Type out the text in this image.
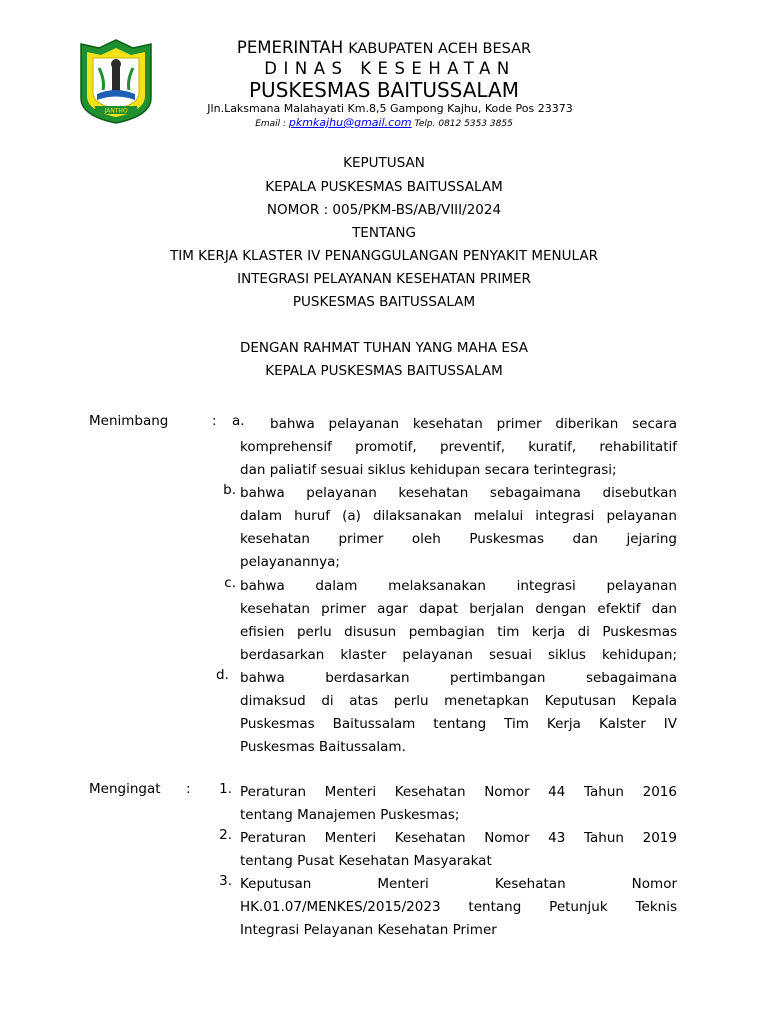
JANTHO
PEMERINTAH KABUPATEN ACEH BESAR
DINAS KESEHATAN
PUSKESMAS BAITUSSALAM
Jln.Laksmana Malahayati Km.8,5 Gampong Kajhu, Kode Pos 23373
Email : pkmkajhu@gmail.com Telp. 0812 5353 3855
KEPUTUSAN
KEPALA PUSKESMAS BAITUSSALAM
NOMOR : 005/PKM-BS/AB/VIII/2024
TENTANG
TIM KERJA KLASTER IV PENANGGULANGAN PENYAKIT MENULAR
INTEGRASI PELAYANAN KESEHATAN PRIMER
PUSKESMAS BAITUSSALAM
DENGAN RAHMAT TUHAN YANG MAHA ESA
KEPALA PUSKESMAS BAITUSSALAM
Menimbang	: a.	bahwa pelayanan kesehatan primer diberikan secara
komprehensif promotif, preventif, kuratif, rehabilitatif
dan paliatif sesuai siklus kehidupan secara terintegrasi;
b. bahwa pelayanan kesehatan sebagaimana disebutkan
dalam huruf (a) dilaksanakan melalui integrasi pelayanan
kesehatan primer oleh Puskesmas dan jejaring
pelayanannya;
c. bahwa dalam melaksanakan integrasi pelayanan
kesehatan primer agar dapat berjalan dengan efektif dan
efisien perlu disusun pembagian tim kerja di Puskesmas
berdasarkan klaster pelayanan sesuai siklus kehidupan;
d. bahwa berdasarkan pertimbangan sebagaimana
dimaksud di atas perlu menetapkan Keputusan Kepala
Puskesmas Baitussalam tentang Tim Kerja Kalster IV
Puskesmas Baitussalam.
Mengingat :	1. Peraturan Menteri Kesehatan Nomor 44 Tahun 2016
tentang Manajemen Puskesmas;
2. Peraturan Menteri Kesehatan Nomor 43 Tahun 2019
tentang Pusat Kesehatan Masyarakat
3. Keputusan Menteri Kesehatan Nomor
HK.01.07/MENKES/2015/2023 tentang Petunjuk Teknis
Integrasi Pelayanan Kesehatan Primer
